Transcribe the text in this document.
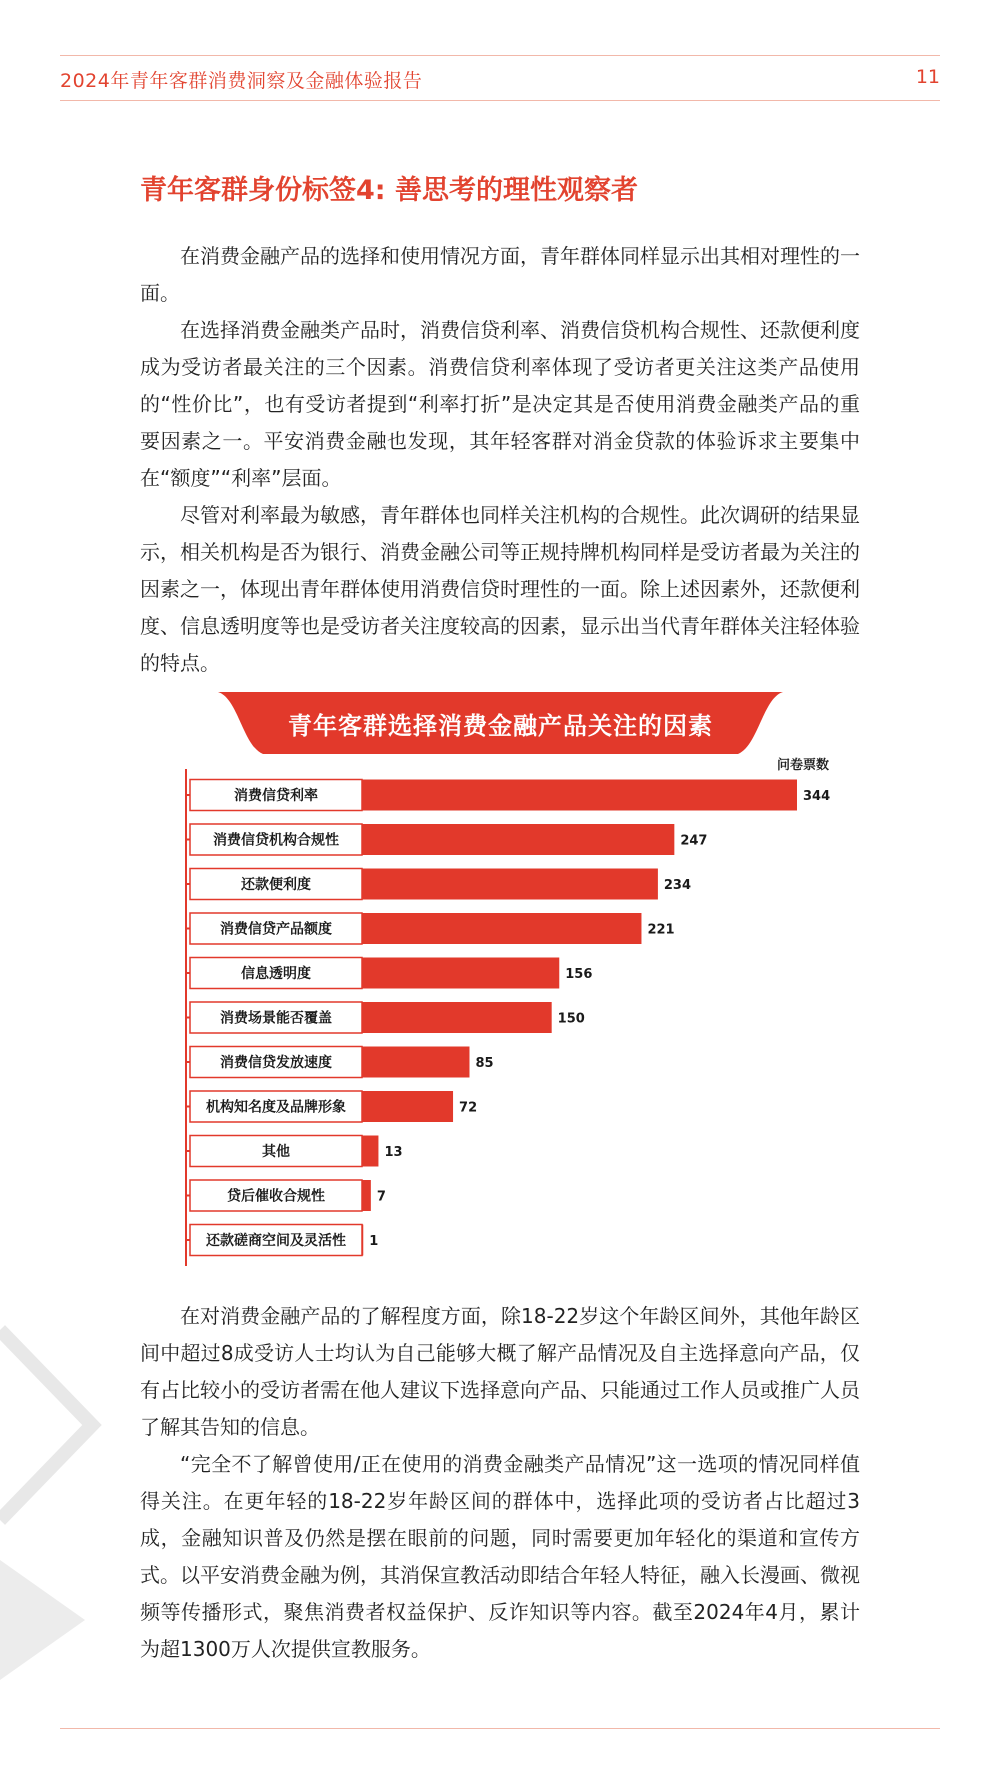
2024年青年客群消费洞察及金融体验报告	11
青年客群身份标签4: 善思考的理性观察者

在消费金融产品的选择和使用情况方面，青年群体同样显示出其相对理性的一面。

在选择消费金融类产品时，消费信贷利率、消费信贷机构合规性、还款便利度成为受访者最关注的三个因素。消费信贷利率体现了受访者更关注这类产品使用的“性价比”，也有受访者提到“利率打折”是决定其是否使用消费金融类产品的重要因素之一。平安消费金融也发现，其年轻客群对消金贷款的体验诉求主要集中在“额度”“利率”层面。

尽管对利率最为敏感，青年群体也同样关注机构的合规性。此次调研的结果显示，相关机构是否为银行、消费金融公司等正规持牌机构同样是受访者最为关注的因素之一，体现出青年群体使用消费信贷时理性的一面。除上述因素外，还款便利度、信息透明度等也是受访者关注度较高的因素，显示出当代青年群体关注轻体验的特点。

青年客群选择消费金融产品关注的因素
问卷票数
消费信贷利率	344
消费信贷机构合规性	247
还款便利度	234
消费信贷产品额度	221
信息透明度	156
消费场景能否覆盖	150
消费信贷发放速度	85
机构知名度及品牌形象	72
其他	13
贷后催收合规性	7
还款磋商空间及灵活性 1

在对消费金融产品的了解程度方面，除18-22岁这个年龄区间外，其他年龄区间中超过8成受访人士均认为自己能够大概了解产品情况及自主选择意向产品，仅有占比较小的受访者需在他人建议下选择意向产品、只能通过工作人员或推广人员了解其告知的信息。

“完全不了解曾使用/正在使用的消费金融类产品情况”这一选项的情况同样值得关注。在更年轻的18-22岁年龄区间的群体中，选择此项的受访者占比超过3成，金融知识普及仍然是摆在眼前的问题，同时需要更加年轻化的渠道和宣传方式。以平安消费金融为例，其消保宣教活动即结合年轻人特征，融入长漫画、微视频等传播形式，聚焦消费者权益保护、反诈知识等内容。截至2024年4月，累计为超1300万人次提供宣教服务。
